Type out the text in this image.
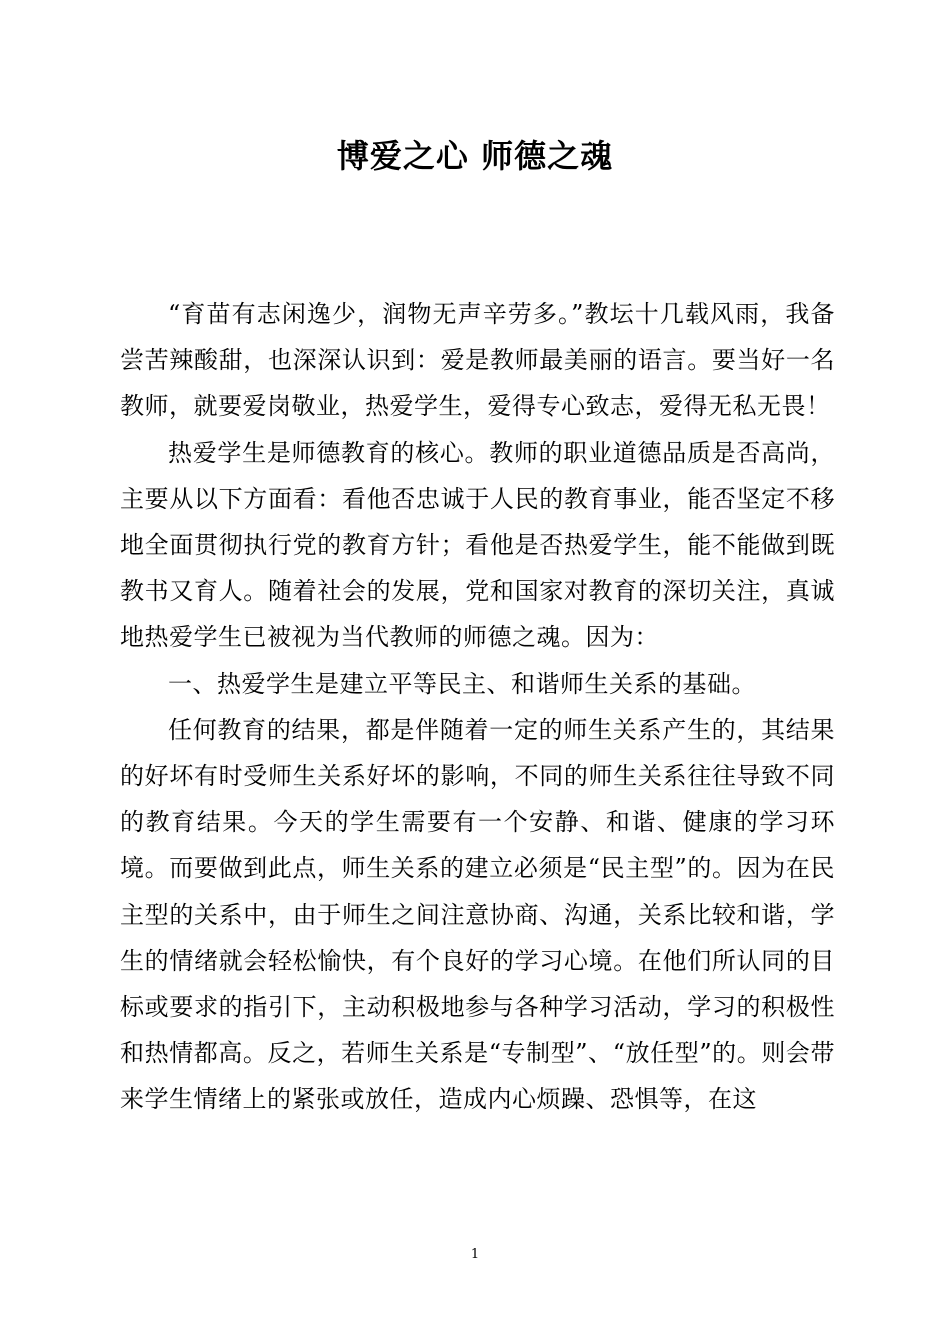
博爱之心 师德之魂

“育苗有志闲逸少，润物无声辛劳多。”教坛十几载风雨，我备尝苦辣酸甜，也深深认识到：爱是教师最美丽的语言。要当好一名教师，就要爱岗敬业，热爱学生，爱得专心致志，爱得无私无畏！

热爱学生是师德教育的核心。教师的职业道德品质是否高尚，主要从以下方面看：看他否忠诚于人民的教育事业，能否坚定不移地全面贯彻执行党的教育方针；看他是否热爱学生，能不能做到既教书又育人。随着社会的发展，党和国家对教育的深切关注，真诚地热爱学生已被视为当代教师的师德之魂。因为：

一、热爱学生是建立平等民主、和谐师生关系的基础。

任何教育的结果，都是伴随着一定的师生关系产生的，其结果的好坏有时受师生关系好坏的影响，不同的师生关系往往导致不同的教育结果。今天的学生需要有一个安静、和谐、健康的学习环境。而要做到此点，师生关系的建立必须是“民主型”的。因为在民主型的关系中，由于师生之间注意协商、沟通，关系比较和谐，学生的情绪就会轻松愉快，有个良好的学习心境。在他们所认同的目标或要求的指引下，主动积极地参与各种学习活动，学习的积极性和热情都高。反之，若师生关系是“专制型”、“放任型”的。则会带来学生情绪上的紧张或放任，造成内心烦躁、恐惧等，在这

1
